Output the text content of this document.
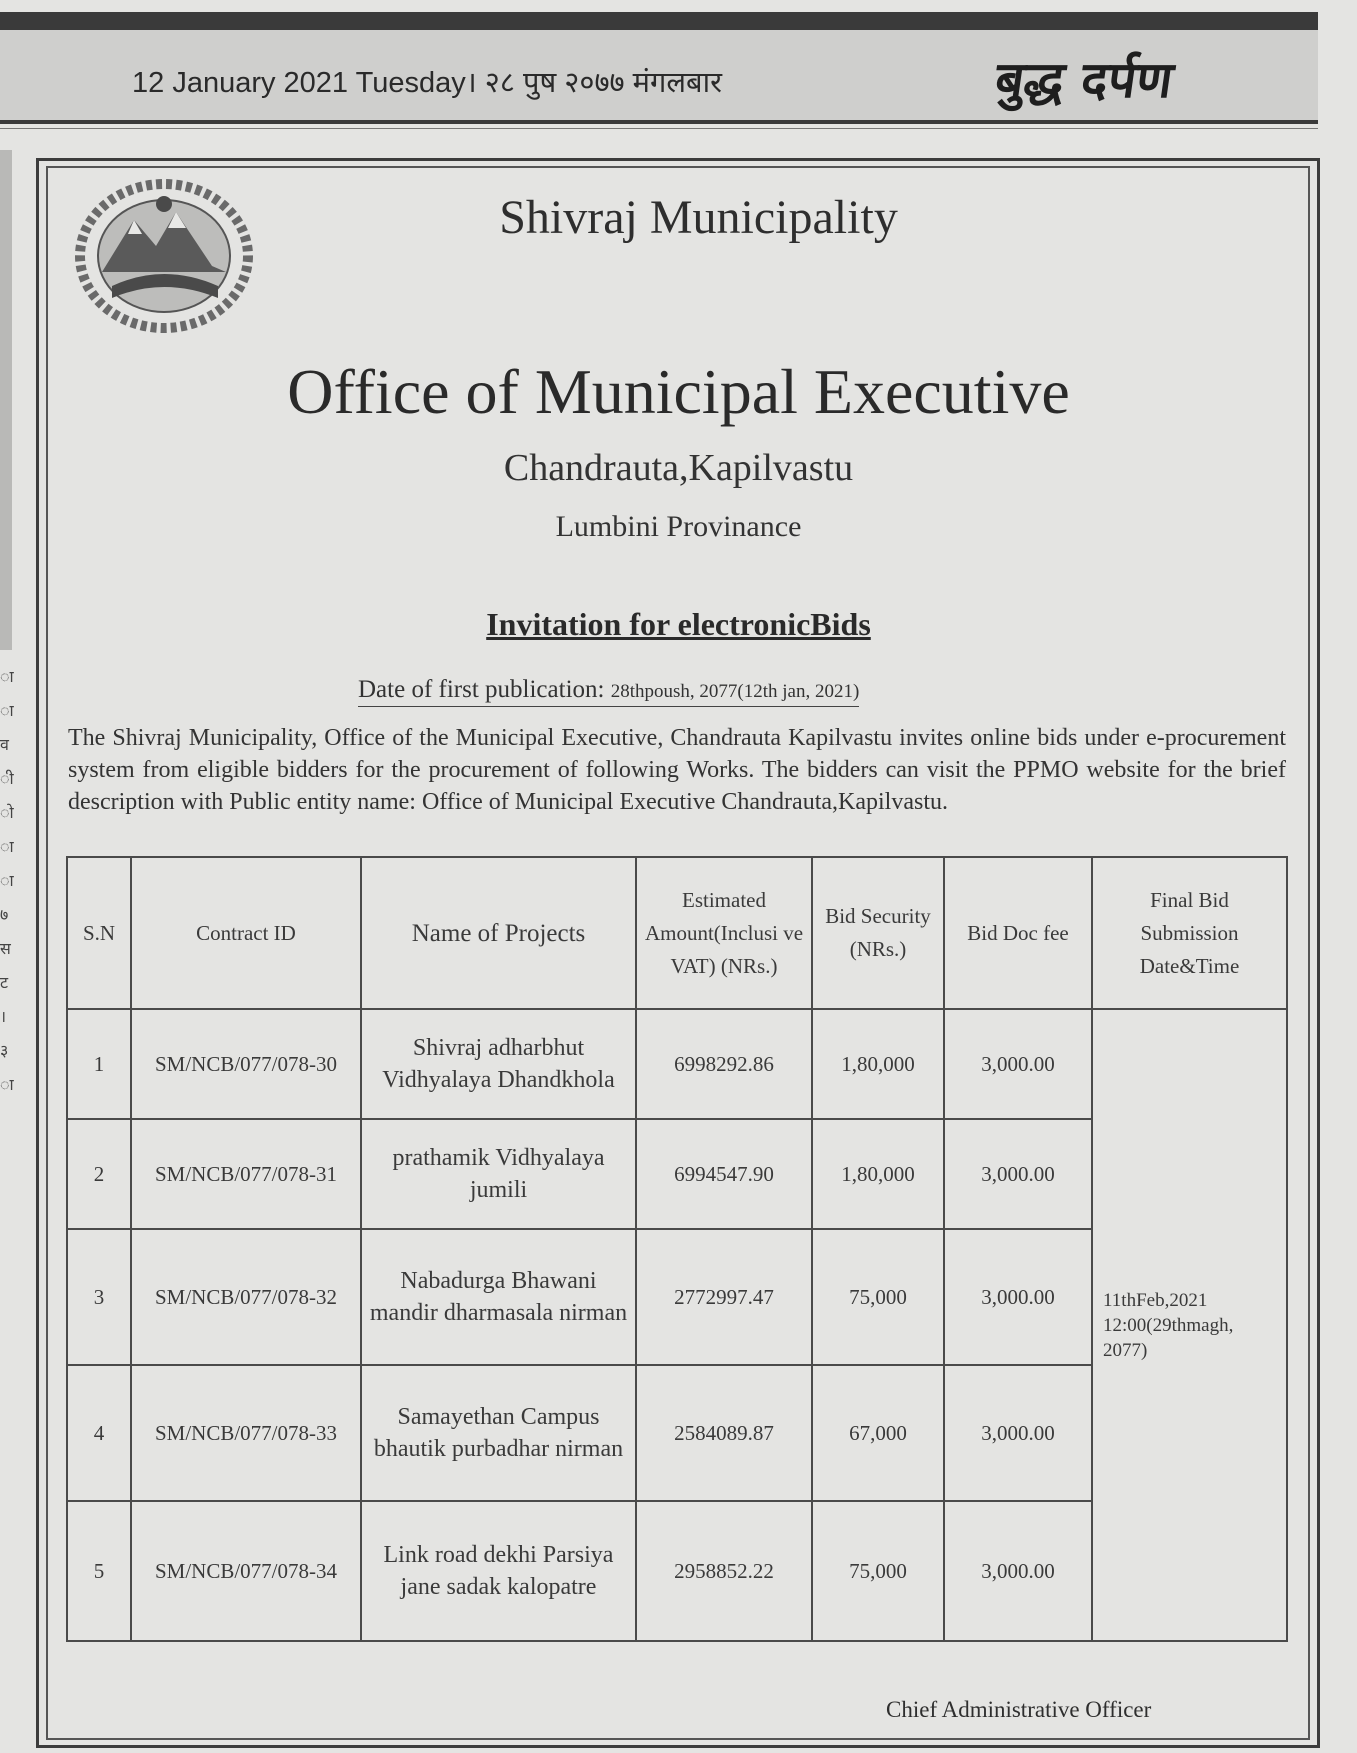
12 January 2021 Tuesday। २८ पुष २०७७ मंगलबार	बुद्ध दर्पण
ा
ा
व
ी
ो
ा
ा
७
स
ट
।
३
ा
Shivraj Municipality
Office of Municipal Executive
Chandrauta,Kapilvastu
Lumbini Provinance
Invitation for electronicBids
Date of first publication: 28thpoush, 2077(12th jan, 2021)
The Shivraj Municipality, Office of the Municipal Executive, Chandrauta Kapilvastu invites online bids under e-procurement system from eligible bidders for the procurement of following Works. The bidders can visit the PPMO website for the brief description with Public entity name: Office of Municipal Executive Chandrauta,Kapilvastu.
S.N	Contract ID	Name of Projects	Estimated Amount(Inclusi ve VAT) (NRs.)	Bid Security (NRs.)	Bid Doc fee	Final Bid Submission Date&Time
1	SM/NCB/077/078-30	Shivraj adharbhut Vidhyalaya Dhandkhola	6998292.86	1,80,000	3,000.00	11thFeb,2021 12:00(29thmagh, 2077)
2	SM/NCB/077/078-31	prathamik Vidhyalaya jumili	6994547.90	1,80,000	3,000.00	
3	SM/NCB/077/078-32	Nabadurga Bhawani mandir dharmasala nirman	2772997.47	75,000	3,000.00	
4	SM/NCB/077/078-33	Samayethan Campus bhautik purbadhar nirman	2584089.87	67,000	3,000.00	
5	SM/NCB/077/078-34	Link road dekhi Parsiya jane sadak kalopatre	2958852.22	75,000	3,000.00	
Chief Administrative Officer
